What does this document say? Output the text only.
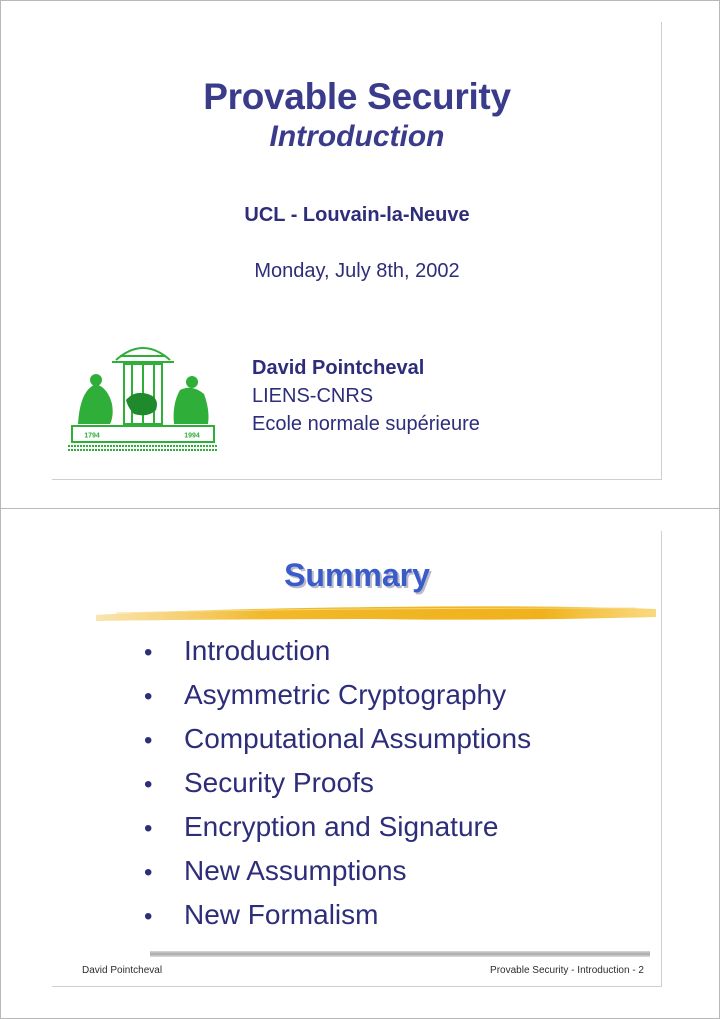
Provable Security
Introduction
UCL - Louvain-la-Neuve
Monday, July 8th, 2002
1794	1994
David Pointcheval
LIENS-CNRS
Ecole normale supérieure
Summary
• Introduction
• Asymmetric Cryptography
• Computational Assumptions
• Security Proofs
• Encryption and Signature
• New Assumptions
• New Formalism
David Pointcheval	Provable Security - Introduction - 2
